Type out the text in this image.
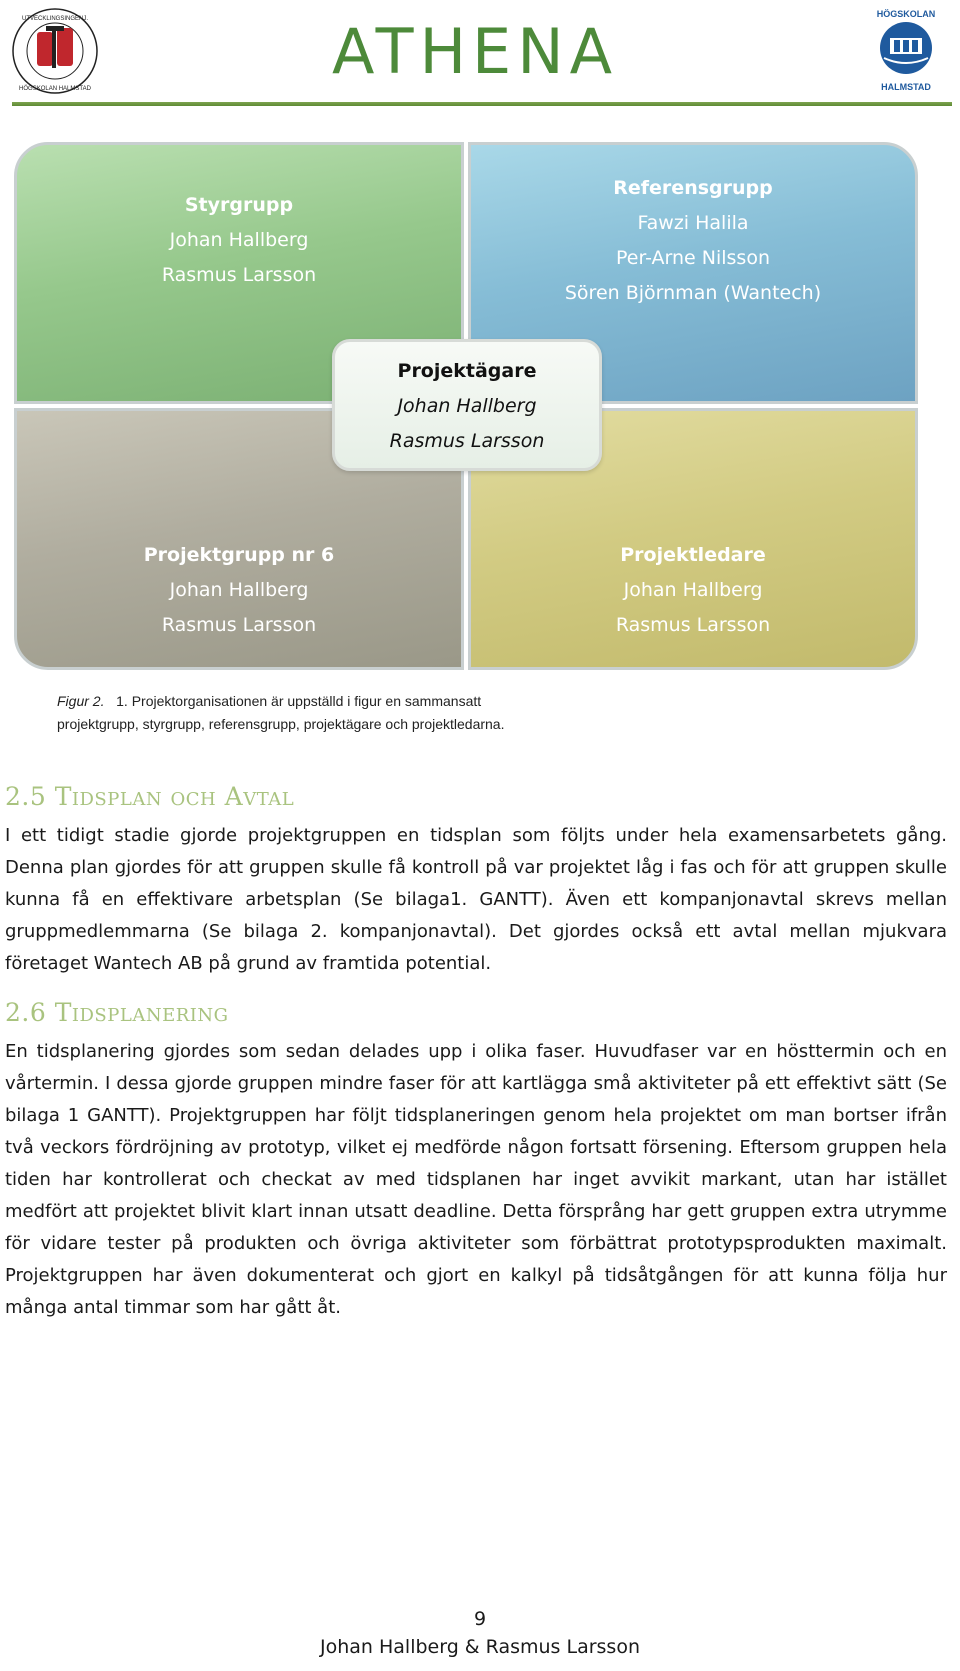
UTVECKLINGSINGENJ.
HÖGSKOLAN HALMSTAD
ATHENA
HÖGSKOLAN
HALMSTAD
Styrgrupp
Johan Hallberg
Rasmus Larsson
Referensgrupp
Fawzi Halila
Per-Arne Nilsson
Sören Björnman (Wantech)
Projektgrupp nr 6
Johan Hallberg
Rasmus Larsson
Projektledare
Johan Hallberg
Rasmus Larsson
Projektägare
Johan Hallberg
Rasmus Larsson
Figur 2. 1. Projektorganisationen är uppställd i figur en sammansatt
projektgrupp, styrgrupp, referensgrupp, projektägare och projektledarna.
2.5 Tidsplan och Avtal
I ett tidigt stadie gjorde projektgruppen en tidsplan som följts under hela examensarbetets gång. Denna plan gjordes för att gruppen skulle få kontroll på var projektet låg i fas och för att gruppen skulle kunna få en effektivare arbetsplan (Se bilaga1. GANTT). Även ett kompanjonavtal skrevs mellan gruppmedlemmarna (Se bilaga 2. kompanjonavtal). Det gjordes också ett avtal mellan mjukvara företaget Wantech AB på grund av framtida potential.
2.6 Tidsplanering
En tidsplanering gjordes som sedan delades upp i olika faser. Huvudfaser var en hösttermin och en vårtermin. I dessa gjorde gruppen mindre faser för att kartlägga små aktiviteter på ett effektivt sätt (Se bilaga 1 GANTT). Projektgruppen har följt tidsplaneringen genom hela projektet om man bortser ifrån två veckors fördröjning av prototyp, vilket ej medförde någon fortsatt försening. Eftersom gruppen hela tiden har kontrollerat och checkat av med tidsplanen har inget avvikit markant, utan har istället medfört att projektet blivit klart innan utsatt deadline. Detta försprång har gett gruppen extra utrymme för vidare tester på produkten och övriga aktiviteter som förbättrat prototypsprodukten maximalt. Projektgruppen har även dokumenterat och gjort en kalkyl på tidsåtgången för att kunna följa hur många antal timmar som har gått åt.
9
Johan Hallberg & Rasmus Larsson
